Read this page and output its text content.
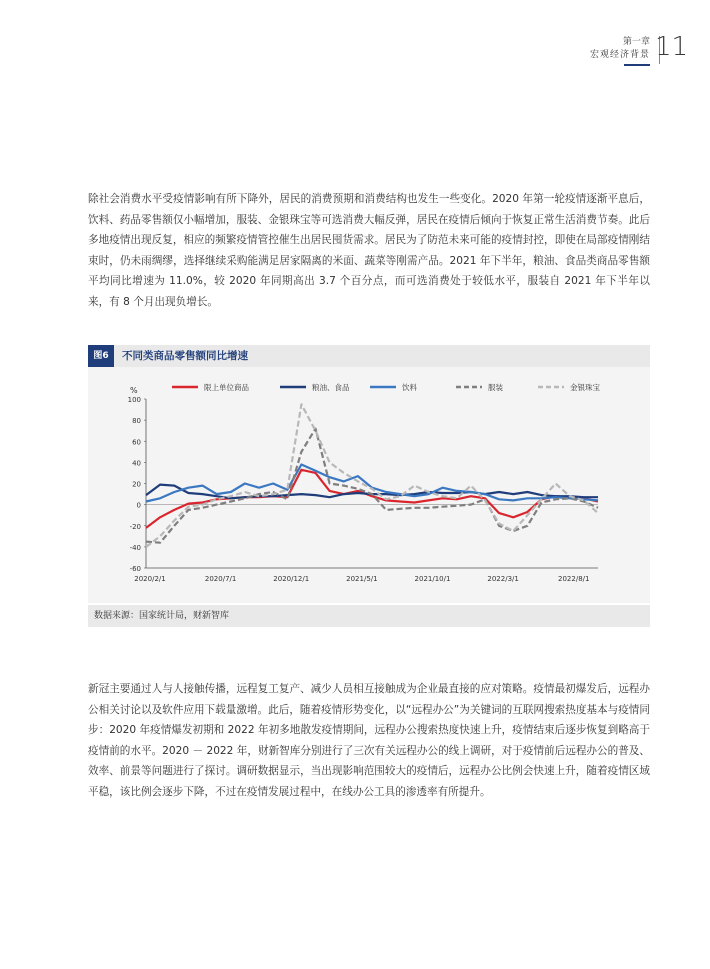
第一章
宏观经济背景 11

除社会消费水平受疫情影响有所下降外，居民的消费预期和消费结构也发生一些变化。2020 年第一轮疫情逐渐平息后，饮料、药品零售额仅小幅增加，服装、金银珠宝等可选消费大幅反弹，居民在疫情后倾向于恢复正常生活消费节奏。此后多地疫情出现反复，相应的频繁疫情管控催生出居民囤货需求。居民为了防范未来可能的疫情封控，即使在局部疫情刚结束时，仍未雨绸缪，选择继续采购能满足居家隔离的米面、蔬菜等刚需产品。2021 年下半年，粮油、食品类商品零售额平均同比增速为 11.0%，较 2020 年同期高出 3.7 个百分点，而可选消费处于较低水平，服装自 2021 年下半年以来，有 8 个月出现负增长。

图6	不同类商品零售额同比增速
%
-60
-40
-20
0
20
40
60
80
100
2020/2/1	2020/7/1	2020/12/1	2021/5/1	2021/10/1	2022/3/1	2022/8/1
限上单位商品	粮油、食品	饮料	服装	金银珠宝
数据来源：国家统计局，财新智库

新冠主要通过人与人接触传播，远程复工复产、减少人员相互接触成为企业最直接的应对策略。疫情最初爆发后，远程办公相关讨论以及软件应用下载量激增。此后，随着疫情形势变化，以“远程办公”为关键词的互联网搜索热度基本与疫情同步：2020 年疫情爆发初期和 2022 年初多地散发疫情期间，远程办公搜索热度快速上升，疫情结束后逐步恢复到略高于疫情前的水平。2020 － 2022 年，财新智库分别进行了三次有关远程办公的线上调研，对于疫情前后远程办公的普及、效率、前景等问题进行了探讨。调研数据显示，当出现影响范围较大的疫情后，远程办公比例会快速上升，随着疫情区域平稳，该比例会逐步下降，不过在疫情发展过程中，在线办公工具的渗透率有所提升。
